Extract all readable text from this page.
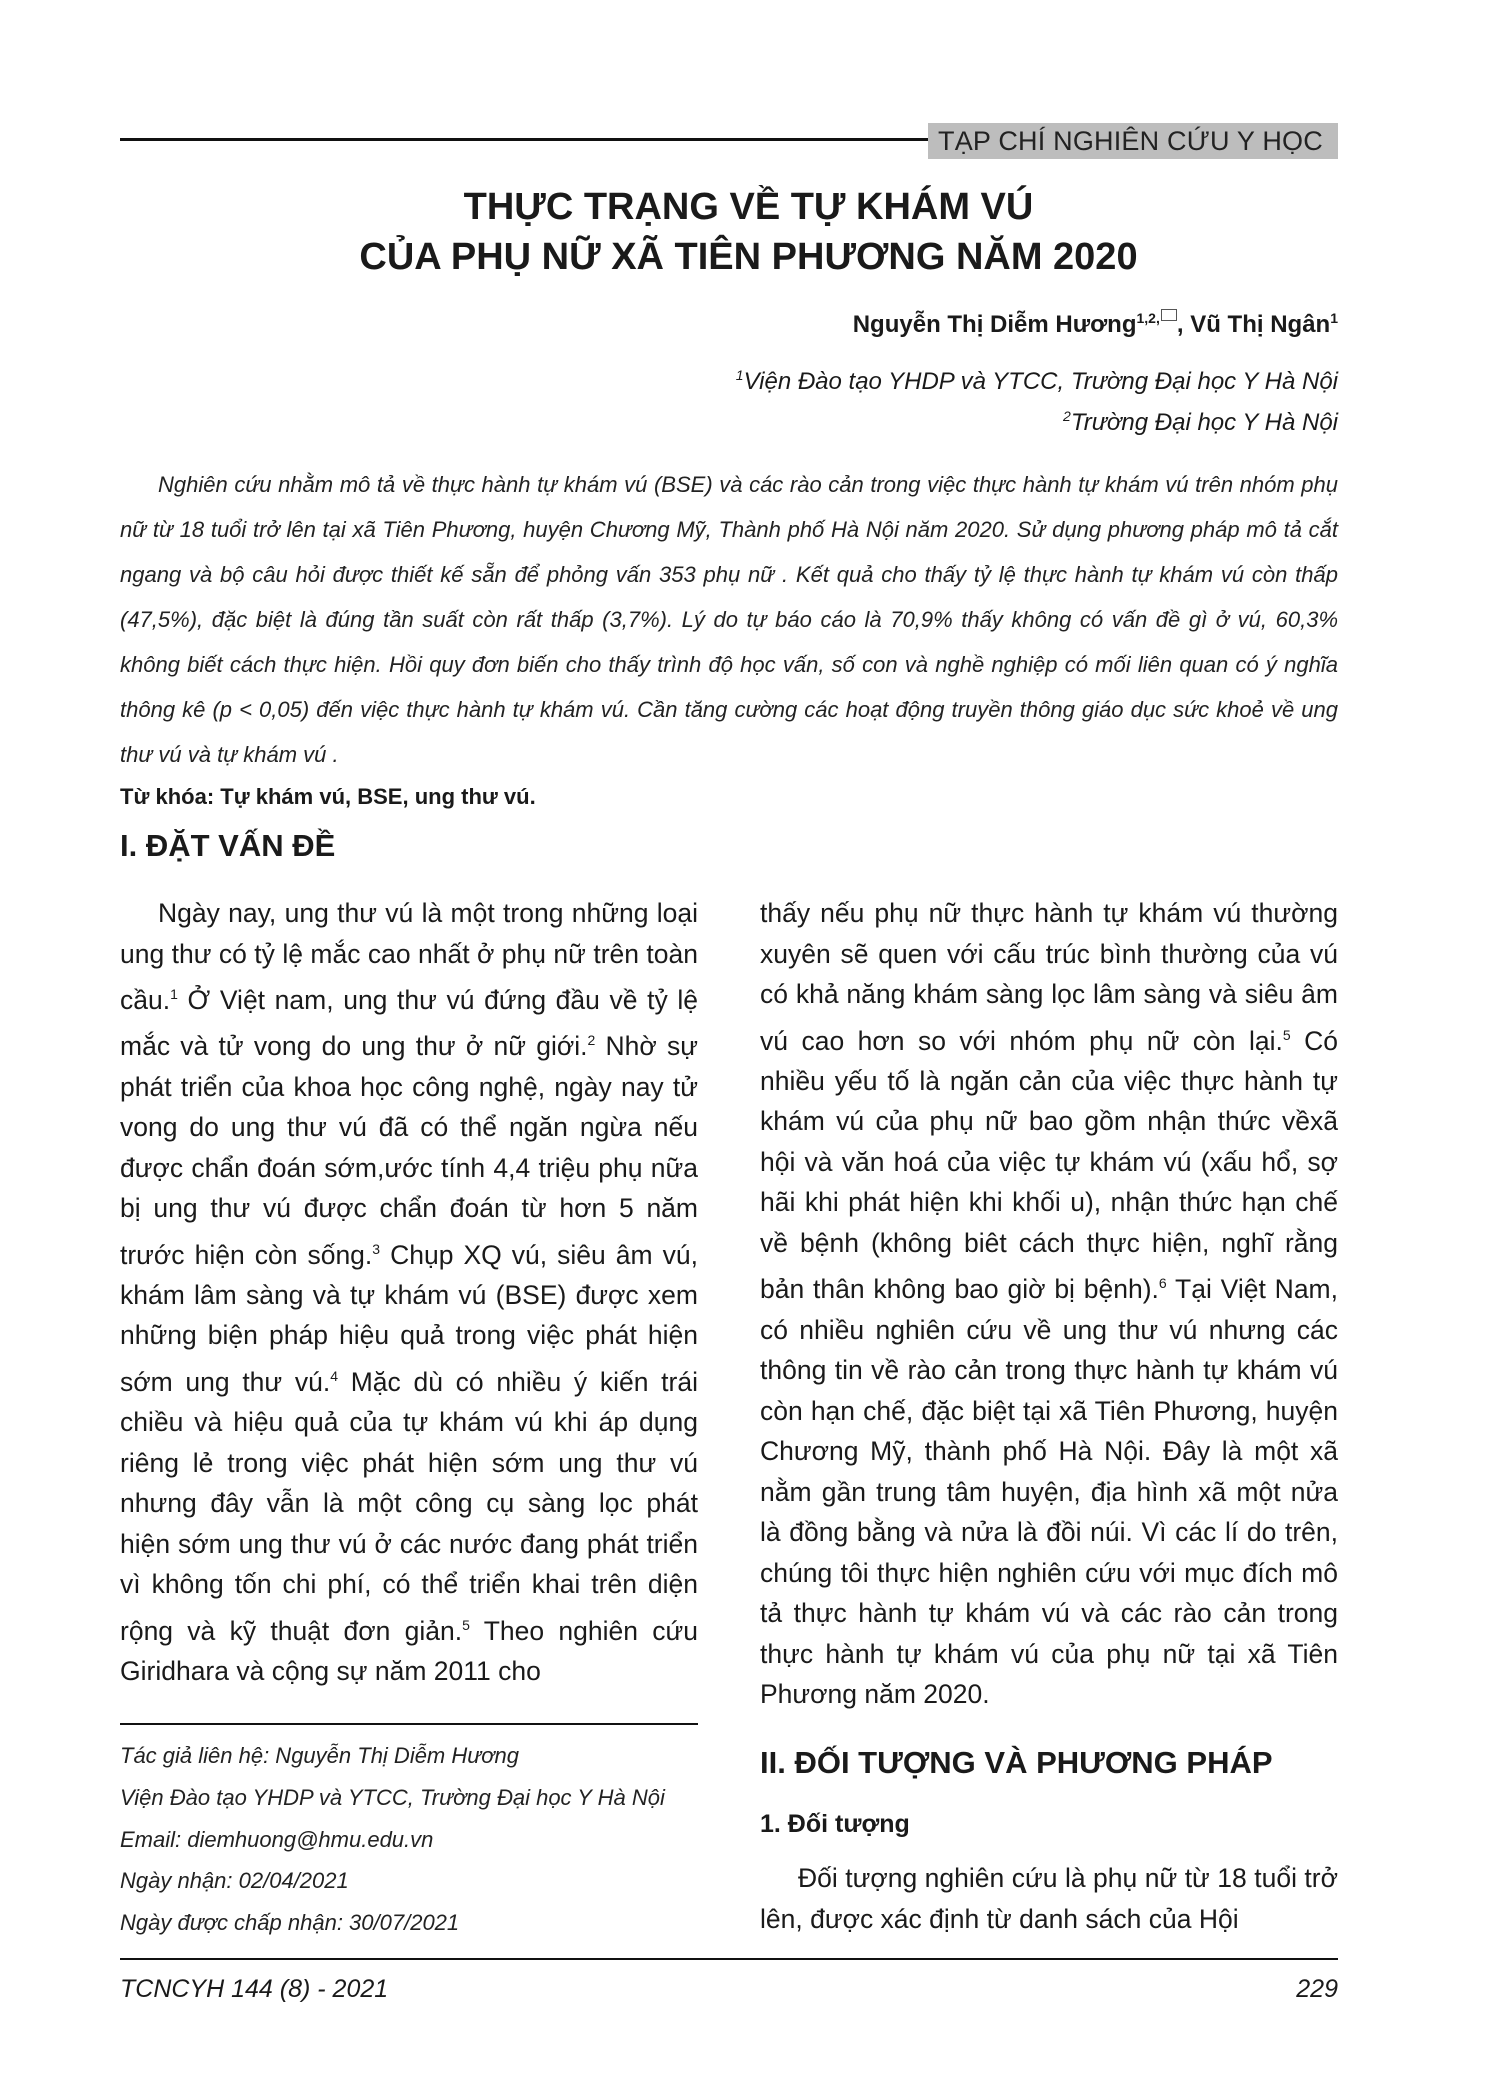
TẠP CHÍ NGHIÊN CỨU Y HỌC
THỰC TRẠNG VỀ TỰ KHÁM VÚ
CỦA PHỤ NỮ XÃ TIÊN PHƯƠNG NĂM 2020
Nguyễn Thị Diễm Hương$^{1,2,}$ , Vũ Thị Ngân$^1$
$^1$Viện Đào tạo YHDP và YTCC, Trường Đại học Y Hà Nội
$^2$Trường Đại học Y Hà Nội
Nghiên cứu nhằm mô tả về thực hành tự khám vú (BSE) và các rào cản trong việc thực hành tự khám vú trên nhóm phụ nữ từ 18 tuổi trở lên tại xã Tiên Phương, huyện Chương Mỹ, Thành phố Hà Nội năm 2020. Sử dụng phương pháp mô tả cắt ngang và bộ câu hỏi được thiết kế sẵn để phỏng vấn 353 phụ nữ . Kết quả cho thấy tỷ lệ thực hành tự khám vú còn thấp (47,5%), đặc biệt là đúng tần suất còn rất thấp (3,7%). Lý do tự báo cáo là 70,9% thấy không có vấn đề gì ở vú, 60,3% không biết cách thực hiện. Hồi quy đơn biến cho thấy trình độ học vấn, số con và nghề nghiệp có mối liên quan có ý nghĩa thông kê (p < 0,05) đến việc thực hành tự khám vú. Cần tăng cường các hoạt động truyền thông giáo dục sức khoẻ về ung thư vú và tự khám vú .
Từ khóa: Tự khám vú, BSE, ung thư vú.
I. ĐẶT VẤN ĐỀ
Ngày nay, ung thư vú là một trong những loại ung thư có tỷ lệ mắc cao nhất ở phụ nữ trên toàn cầu.$^1$ Ở Việt nam, ung thư vú đứng đầu về tỷ lệ mắc và tử vong do ung thư ở nữ giới.$^2$ Nhờ sự phát triển của khoa học công nghệ, ngày nay tử vong do ung thư vú đã có thể ngăn ngừa nếu được chẩn đoán sớm,ước tính 4,4 triệu phụ nữa bị ung thư vú được chẩn đoán từ hơn 5 năm trước hiện còn sống.$^3$ Chụp XQ vú, siêu âm vú, khám lâm sàng và tự khám vú (BSE) được xem những biện pháp hiệu quả trong việc phát hiện sớm ung thư vú.$^4$ Mặc dù có nhiều ý kiến trái chiều và hiệu quả của tự khám vú khi áp dụng riêng lẻ trong việc phát hiện sớm ung thư vú nhưng đây vẫn là một công cụ sàng lọc phát hiện sớm ung thư vú ở các nước đang phát triển vì không tốn chi phí, có thể triển khai trên diện rộng và kỹ thuật đơn giản.$^5$ Theo nghiên cứu Giridhara và cộng sự năm 2011 cho
thấy nếu phụ nữ thực hành tự khám vú thường xuyên sẽ quen với cấu trúc bình thường của vú có khả năng khám sàng lọc lâm sàng và siêu âm vú cao hơn so với nhóm phụ nữ còn lại.$^5$ Có nhiều yếu tố là ngăn cản của việc thực hành tự khám vú của phụ nữ bao gồm nhận thức vềxã hội và văn hoá của việc tự khám vú (xấu hổ, sợ hãi khi phát hiện khi khối u), nhận thức hạn chế về bệnh (không biêt cách thực hiện, nghĩ rằng bản thân không bao giờ bị bệnh).$^6$ Tại Việt Nam, có nhiều nghiên cứu về ung thư vú nhưng các thông tin về rào cản trong thực hành tự khám vú còn hạn chế, đặc biệt tại xã Tiên Phương, huyện Chương Mỹ, thành phố Hà Nội. Đây là một xã nằm gần trung tâm huyện, địa hình xã một nửa là đồng bằng và nửa là đồi núi. Vì các lí do trên, chúng tôi thực hiện nghiên cứu với mục đích mô tả thực hành tự khám vú và các rào cản trong thực hành tự khám vú của phụ nữ tại xã Tiên Phương năm 2020.
II. ĐỐI TƯỢNG VÀ PHƯƠNG PHÁP
1. Đối tượng
Đối tượng nghiên cứu là phụ nữ từ 18 tuổi trở lên, được xác định từ danh sách của Hội
Tác giả liên hệ: Nguyễn Thị Diễm Hương
Viện Đào tạo YHDP và YTCC, Trường Đại học Y Hà Nội
Email: diemhuong@hmu.edu.vn
Ngày nhận: 02/04/2021
Ngày được chấp nhận: 30/07/2021
TCNCYH 144 (8) - 2021	229
